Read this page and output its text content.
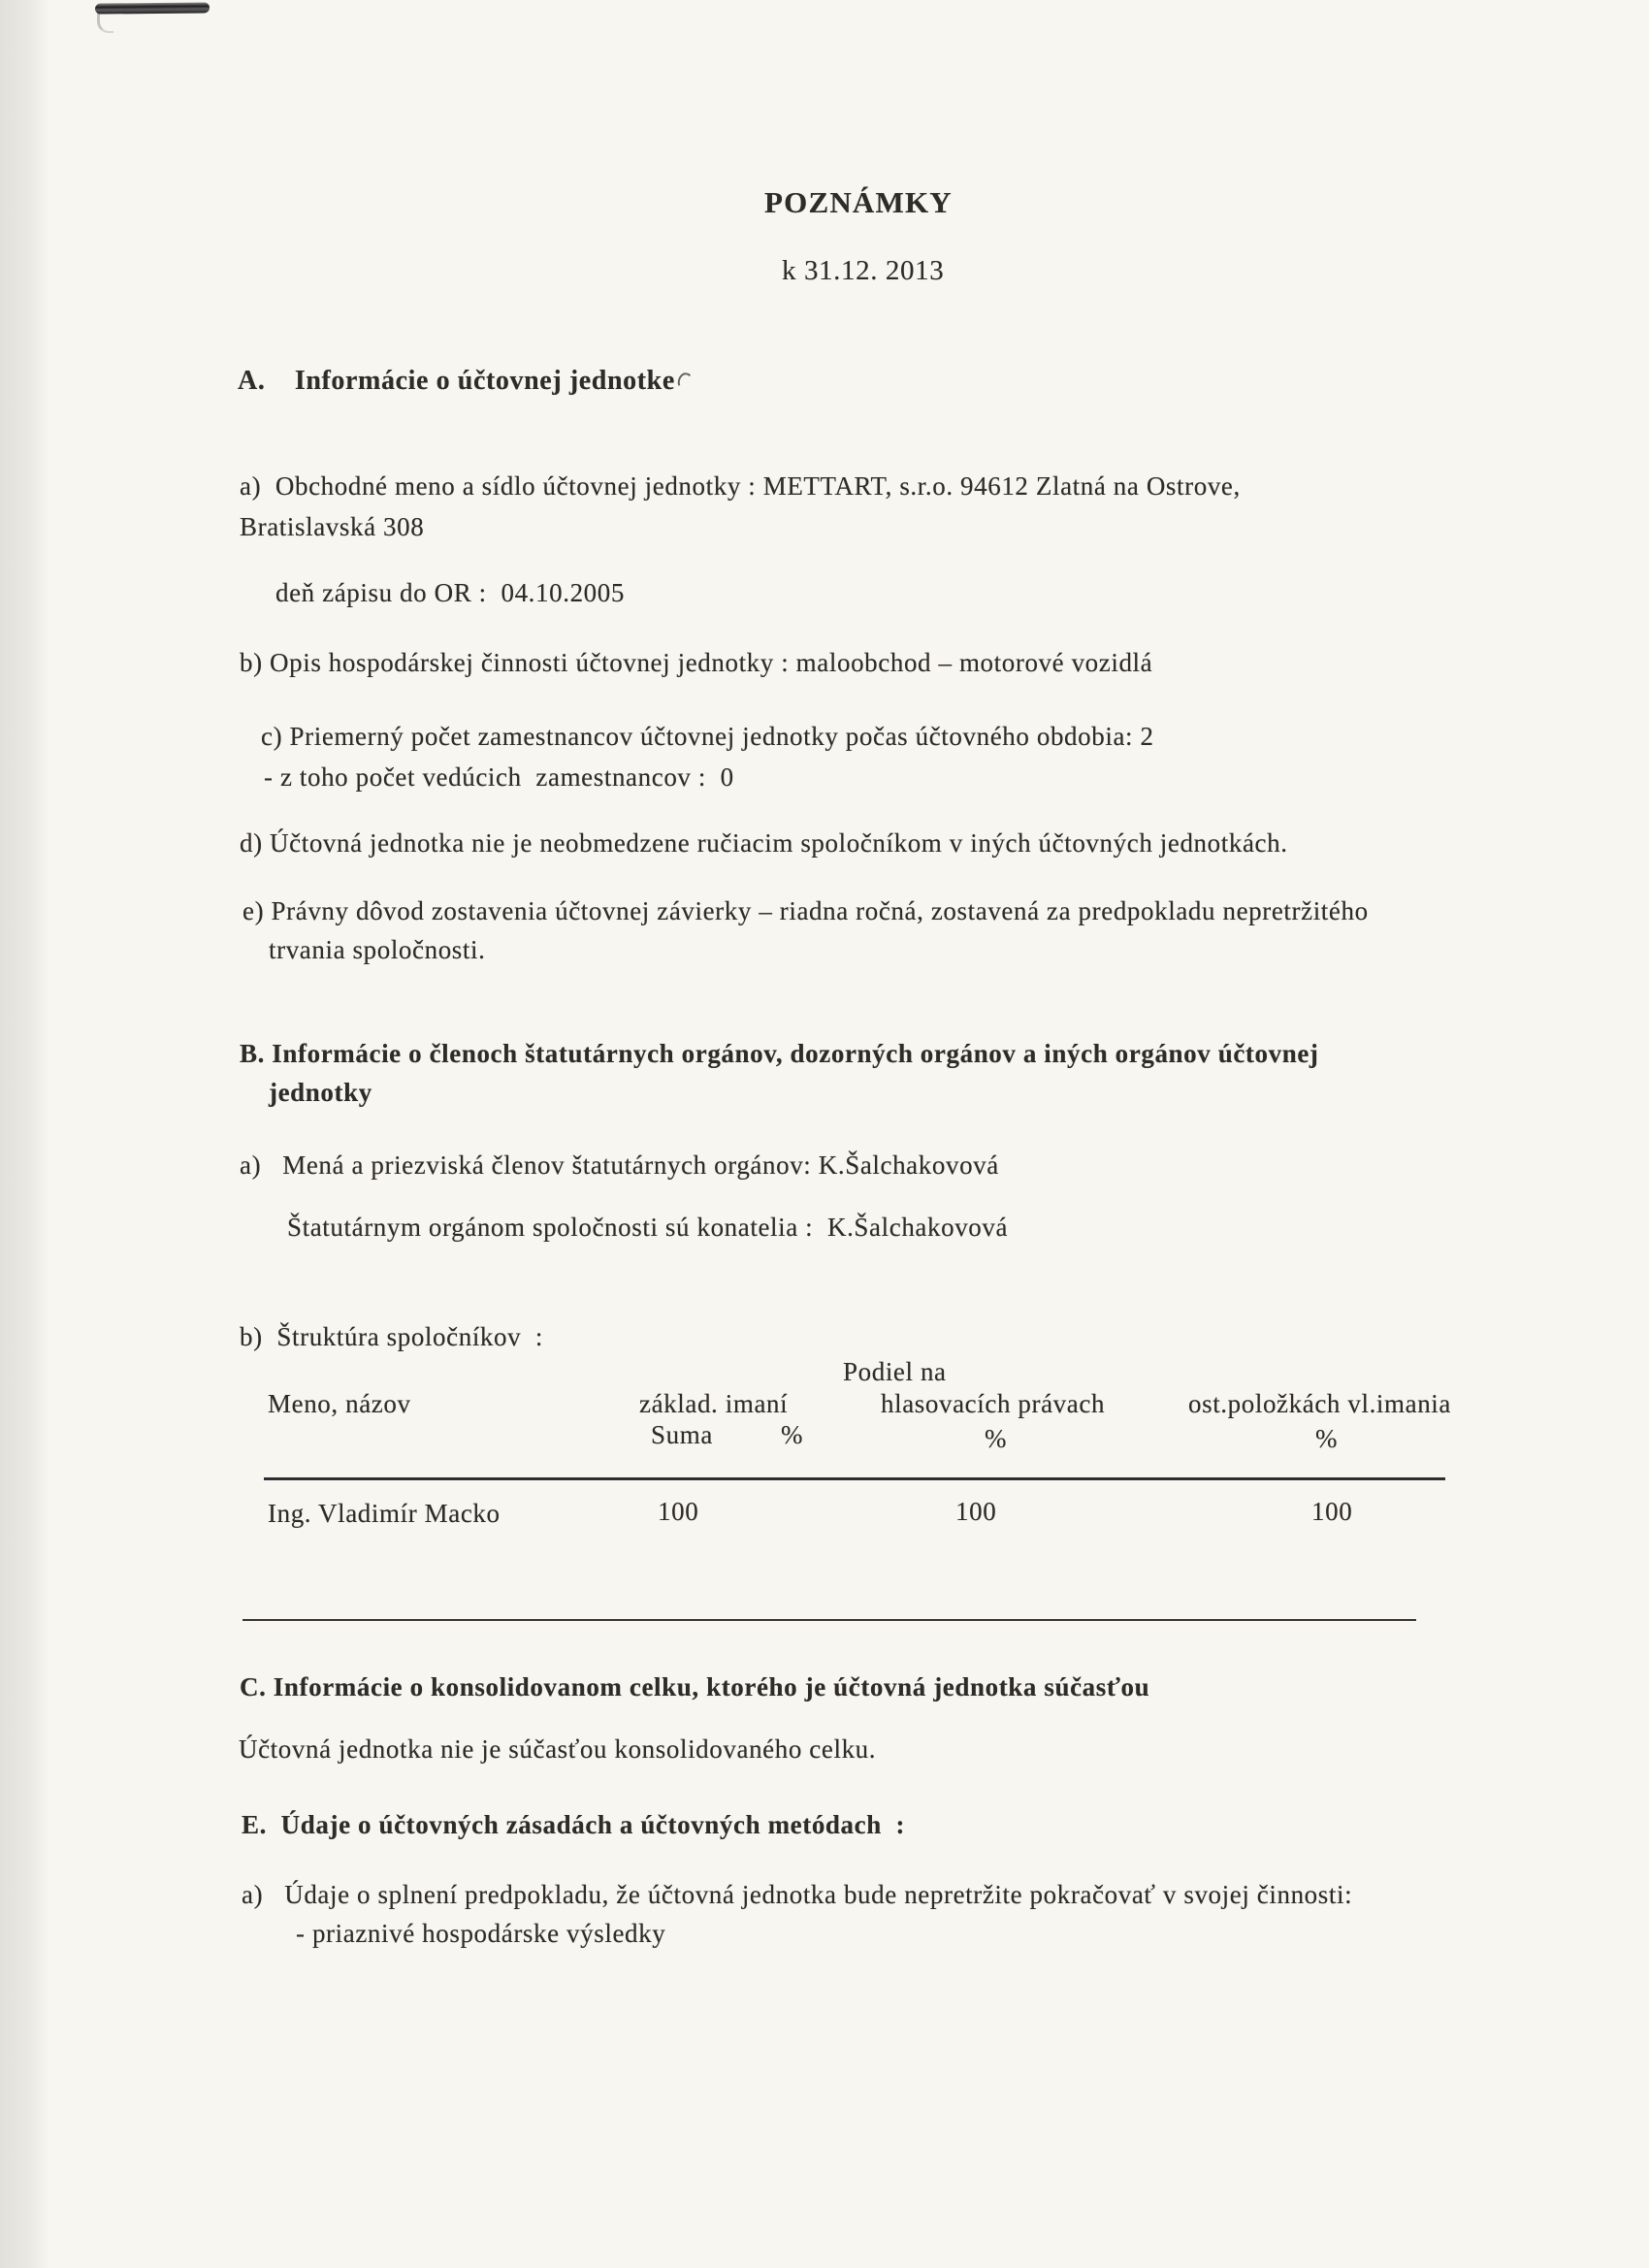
POZNÁMKY
k 31.12. 2013
A.    Informácie o účtovnej jednotke
a)  Obchodné meno a sídlo účtovnej jednotky : METTART, s.r.o. 94612 Zlatná na Ostrove,
Bratislavská 308
deň zápisu do OR :  04.10.2005
b) Opis hospodárskej činnosti účtovnej jednotky : maloobchod – motorové vozidlá
c) Priemerný počet zamestnancov účtovnej jednotky počas účtovného obdobia: 2
- z toho počet vedúcich  zamestnancov :  0
d) Účtovná jednotka nie je neobmedzene ručiacim spoločníkom v iných účtovných jednotkách.
e) Právny dôvod zostavenia účtovnej závierky – riadna ročná, zostavená za predpokladu nepretržitého
trvania spoločnosti.
B. Informácie o členoch štatutárnych orgánov, dozorných orgánov a iných orgánov účtovnej
jednotky
a)   Mená a priezviská členov štatutárnych orgánov: K.Šalchakovová
Štatutárnym orgánom spoločnosti sú konatelia :  K.Šalchakovová
b)  Štruktúra spoločníkov  :
Podiel na
Meno, názov	základ. imaní	hlasovacích právach	ost.položkách vl.imania
Suma	%	%	%
Ing. Vladimír Macko	100	100	100
C. Informácie o konsolidovanom celku, ktorého je účtovná jednotka súčasťou
Účtovná jednotka nie je súčasťou konsolidovaného celku.
E.  Údaje o účtovných zásadách a účtovných metódach  :
a)   Údaje o splnení predpokladu, že účtovná jednotka bude nepretržite pokračovať v svojej činnosti:
- priaznivé hospodárske výsledky
